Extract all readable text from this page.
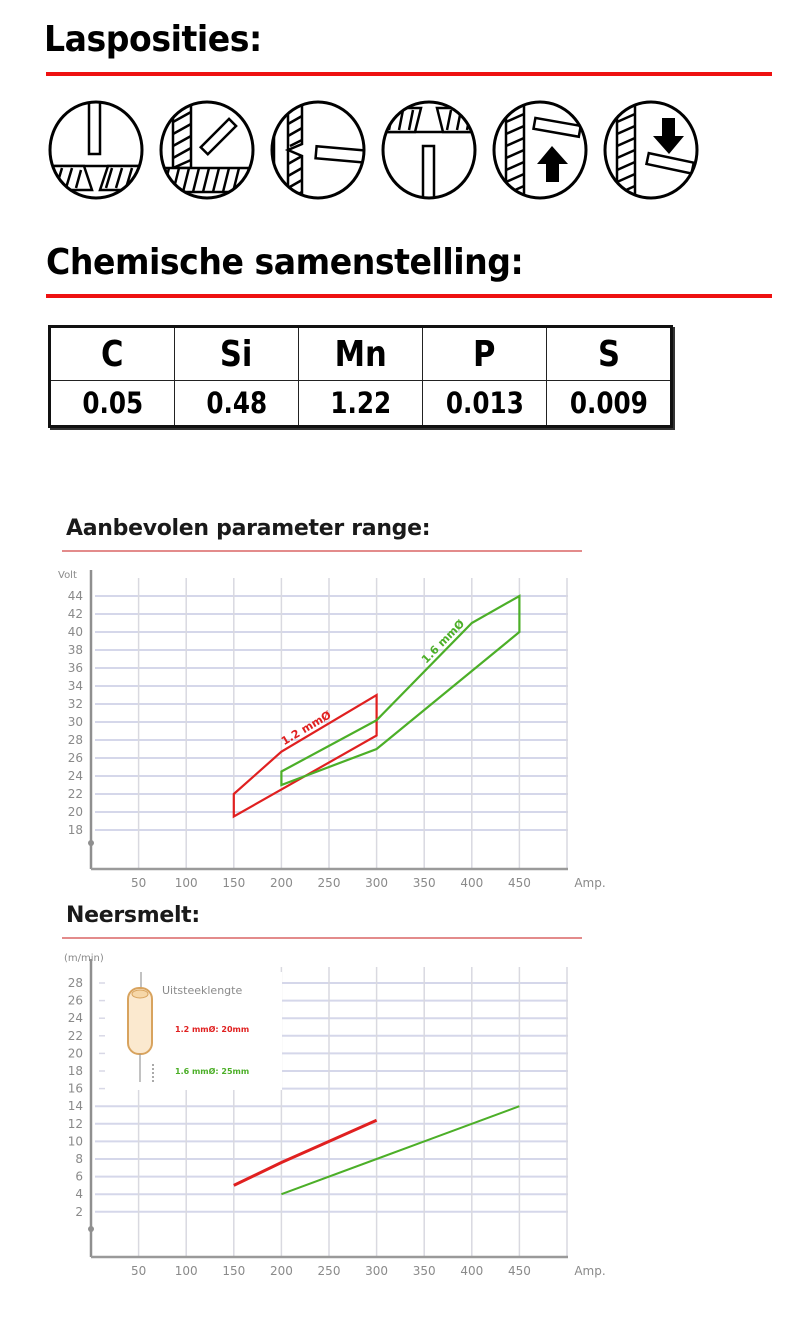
Lasposities:
Chemische samenstelling:
C	Si	Mn	P	S
0.05	0.48	1.22	0.013	0.009
Aanbevolen parameter range:
18
20
22
24
26
28
30
32
34
36
38
40
42
44
50 100 150 200 250 300 350 400 450	Amp.
Volt
1.2 mmØ
1.6 mmØ
Neersmelt:
2
4
6
8
10
12
14
16
18
20
22
24
26
28
50 100 150 200 250 300 350 400 450	Amp.
(m/min)
Uitsteeklengte
1.2 mmØ: 20mm
1.6 mmØ: 25mm
